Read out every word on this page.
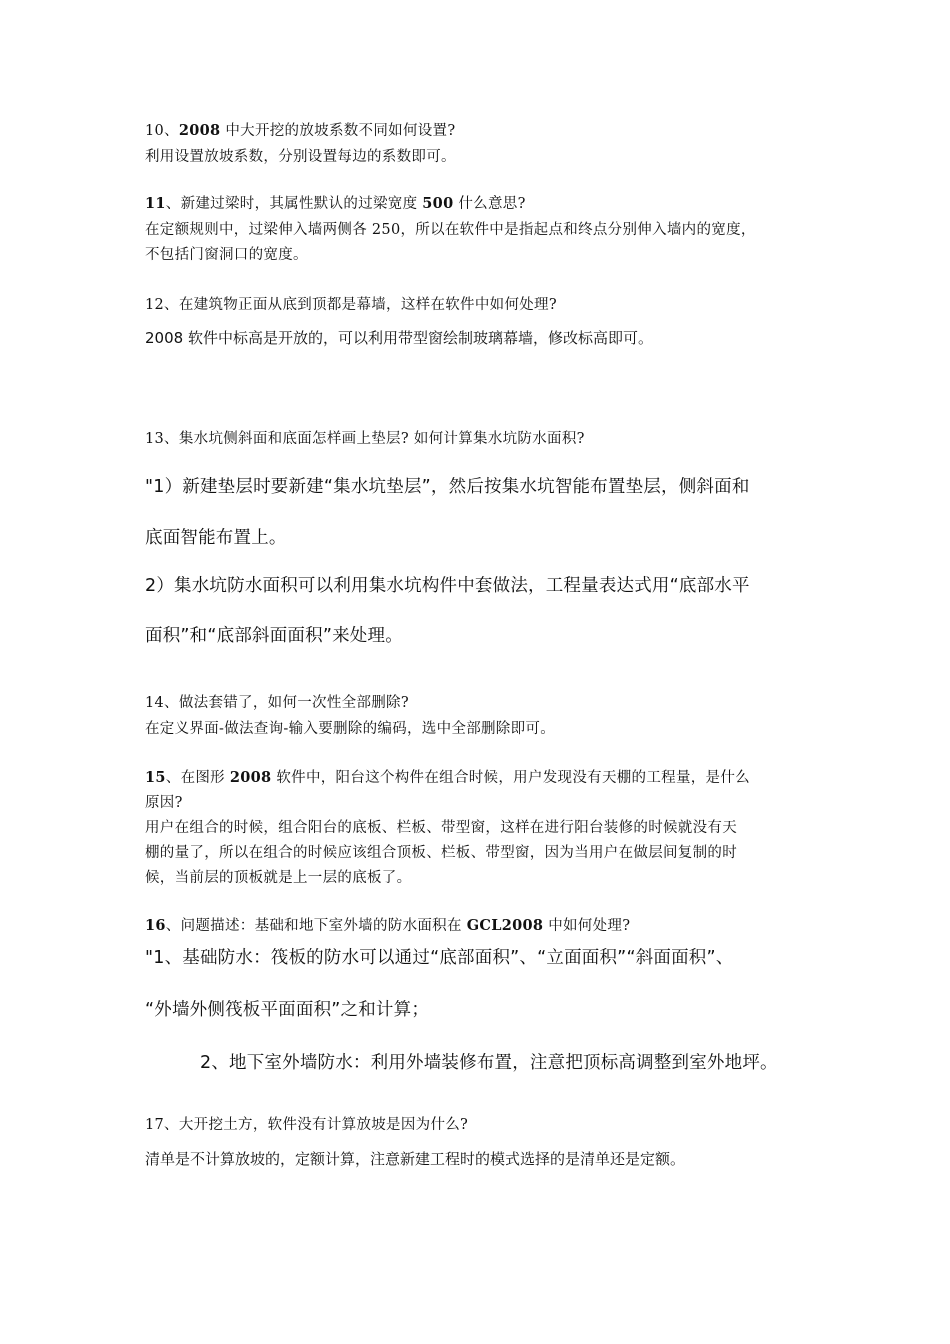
10、2008 中大开挖的放坡系数不同如何设置?
利用设置放坡系数，分别设置每边的系数即可。
11、新建过梁时，其属性默认的过梁宽度 500 什么意思?
在定额规则中，过梁伸入墙两侧各 250，所以在软件中是指起点和终点分别伸入墙内的宽度，
不包括门窗洞口的宽度。
12、在建筑物正面从底到顶都是幕墙，这样在软件中如何处理?
2008 软件中标高是开放的，可以利用带型窗绘制玻璃幕墙，修改标高即可。
13、集水坑侧斜面和底面怎样画上垫层? 如何计算集水坑防水面积?
"1）新建垫层时要新建“集水坑垫层”，然后按集水坑智能布置垫层，侧斜面和
底面智能布置上。
2）集水坑防水面积可以利用集水坑构件中套做法，工程量表达式用“底部水平
面积”和“底部斜面面积”来处理。
14、做法套错了，如何一次性全部删除?
在定义界面-做法查询-输入要删除的编码，选中全部删除即可。
15、在图形 2008 软件中，阳台这个构件在组合时候，用户发现没有天棚的工程量，是什么
原因?
用户在组合的时候，组合阳台的底板、栏板、带型窗，这样在进行阳台装修的时候就没有天
棚的量了，所以在组合的时候应该组合顶板、栏板、带型窗，因为当用户在做层间复制的时
候，当前层的顶板就是上一层的底板了。
16、问题描述：基础和地下室外墙的防水面积在 GCL2008 中如何处理?
"1、基础防水：筏板的防水可以通过“底部面积”、“立面面积”“斜面面积”、
“外墙外侧筏板平面面积”之和计算；
2、地下室外墙防水：利用外墙装修布置，注意把顶标高调整到室外地坪。
17、大开挖土方，软件没有计算放坡是因为什么?
清单是不计算放坡的，定额计算，注意新建工程时的模式选择的是清单还是定额。
